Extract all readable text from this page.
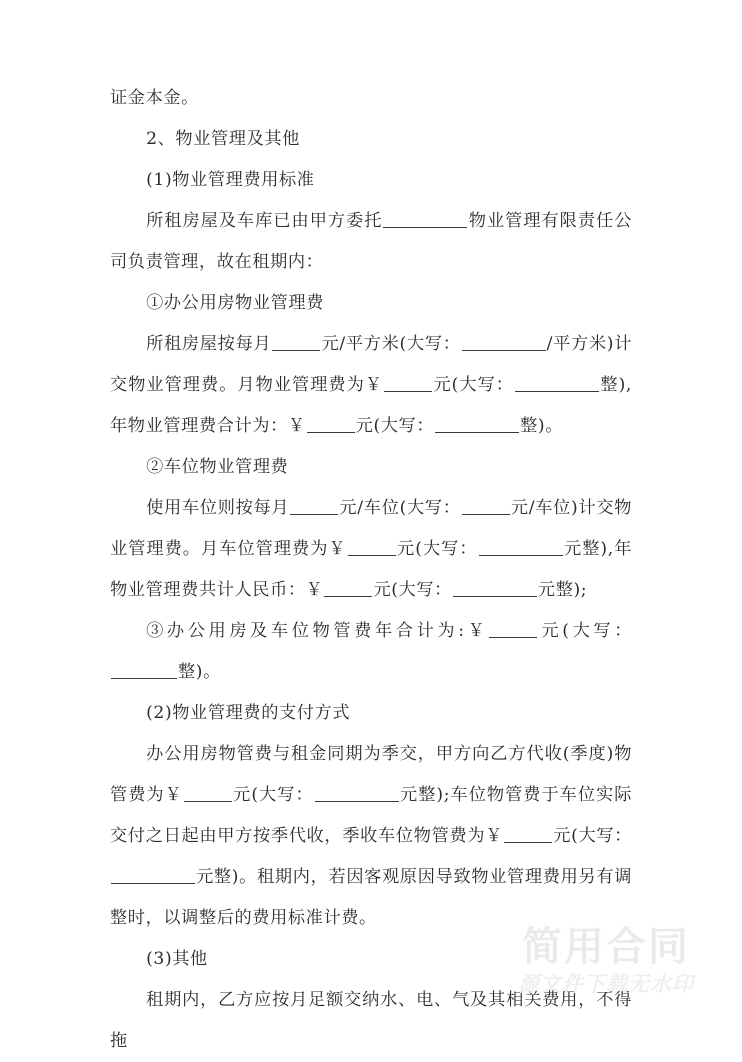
证金本金。

2、物业管理及其他

(1)物业管理费用标准

所租房屋及车库已由甲方委托	物业管理有限责任公司负责管理，故在租期内：

①办公用房物业管理费

所租房屋按每月	元/平方米(大写：	/平方米)计交物业管理费。月物业管理费为￥	元(大写：	整),年物业管理费合计为：￥	元(大写：	整)。

②车位物业管理费

使用车位则按每月	元/车位(大写：	元/车位)计交物业管理费。月车位管理费为￥	元(大写：	元整),年物业管理费共计人民币：￥	元(大写：	元整);

③办公用房及车位物管费年合计为:￥	元(大写：整)。

(2)物业管理费的支付方式

办公用房物管费与租金同期为季交，甲方向乙方代收(季度)物管费为￥	元(大写：	元整);车位物管费于车位实际交付之日起由甲方按季代收，季收车位物管费为￥	元(大写：元整)。租期内，若因客观原因导致物业管理费用另有调整时，以调整后的费用标准计费。

(3)其他

租期内，乙方应按月足额交纳水、电、气及其相关费用，不得拖

简用合同
源文件下载无水印
